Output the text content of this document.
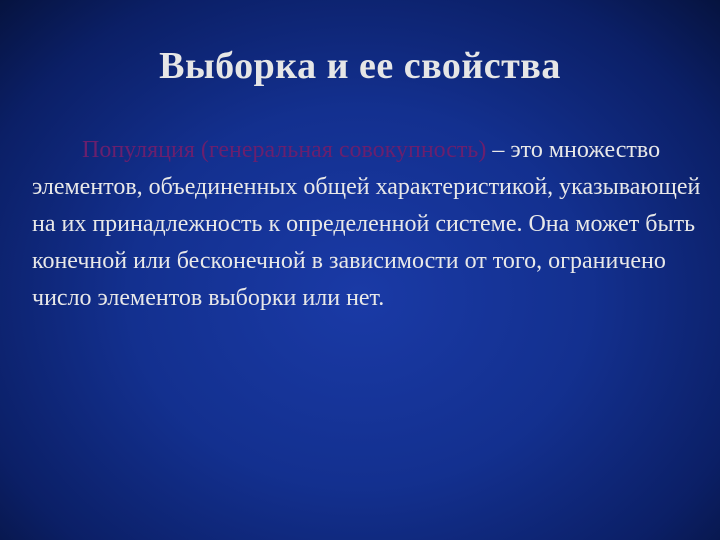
Выборка и ее свойства
Популяция (генеральная совокупность) – это множество элементов, объединенных общей характеристикой, указывающей на их принадлежность к определенной системе. Она может быть конечной или бесконечной в зависимости от того, ограничено число элементов выборки или нет.
